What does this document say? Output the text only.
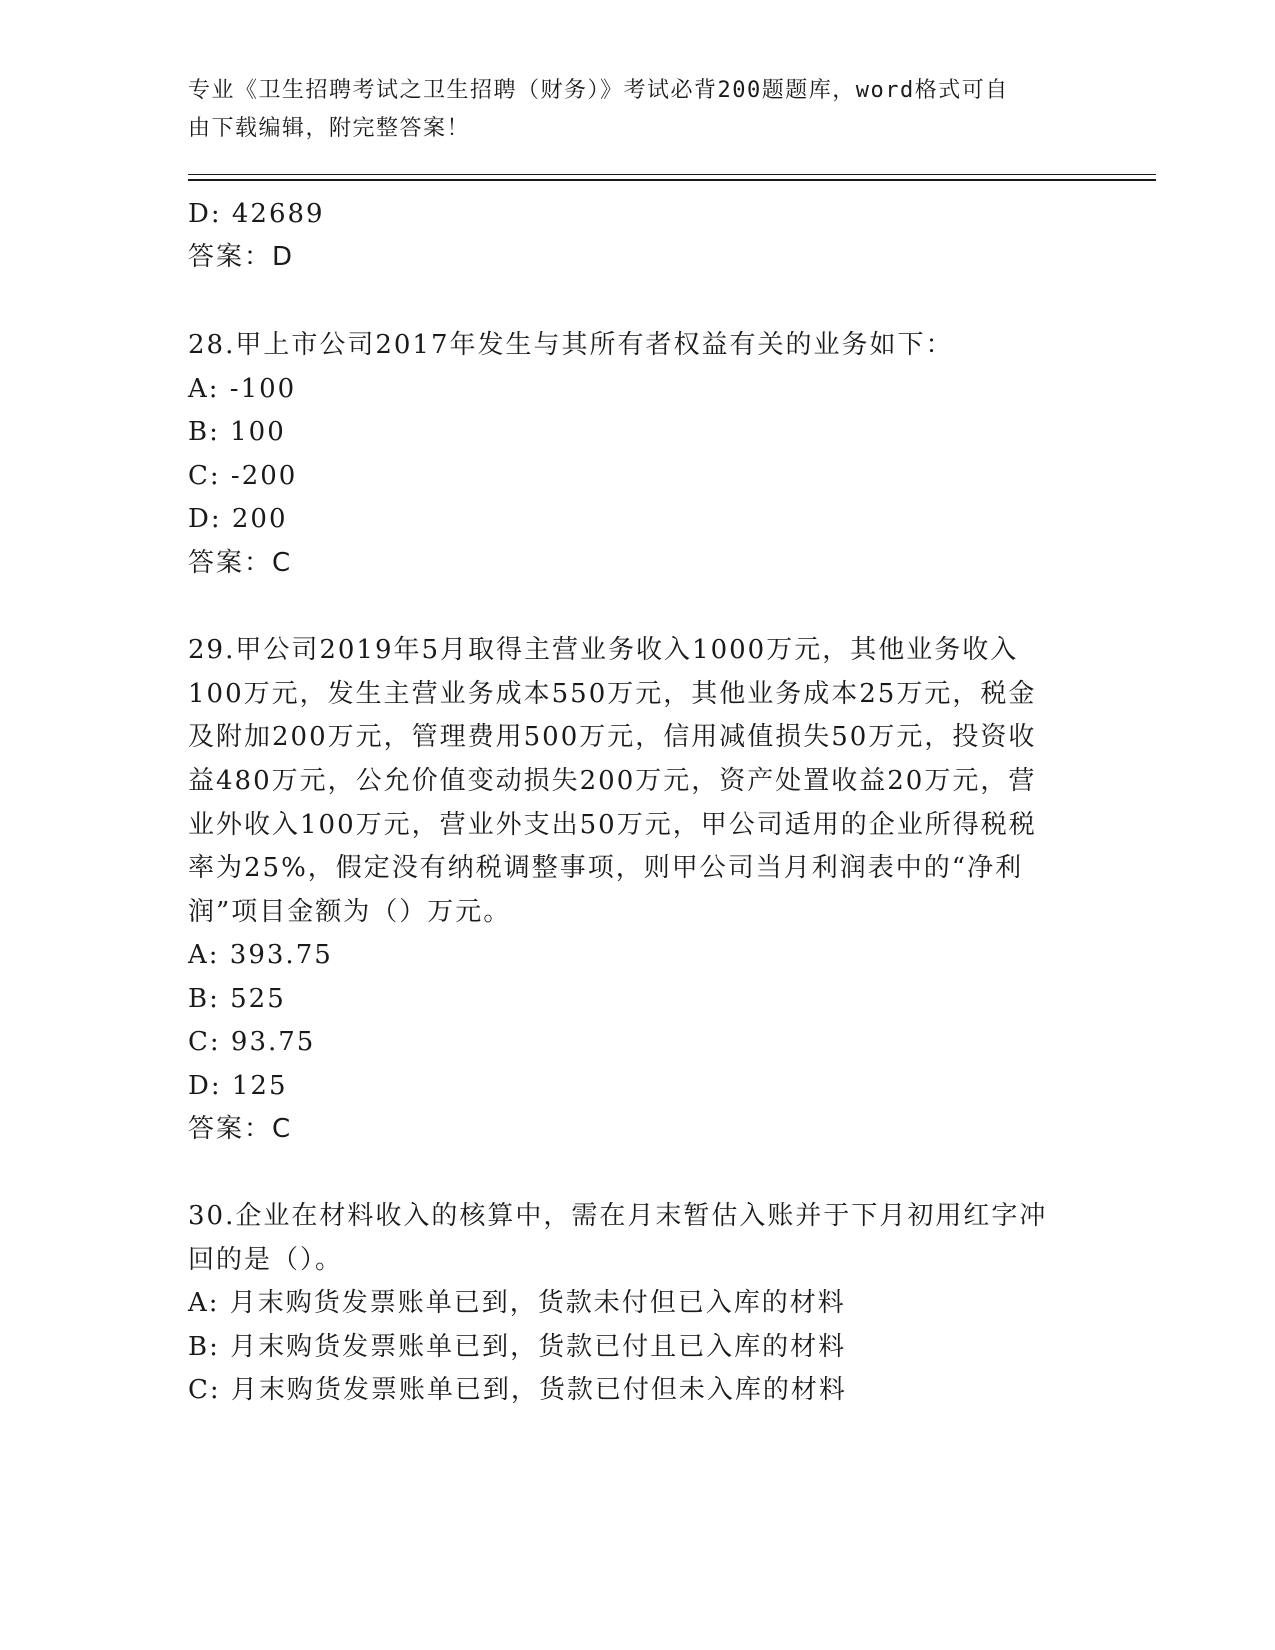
专业《卫生招聘考试之卫生招聘（财务）》考试必背200题题库，word格式可自
由下载编辑，附完整答案！
D: 42689
答案：D
28.甲上市公司2017年发生与其所有者权益有关的业务如下：
A: -100
B: 100
C: -200
D: 200
答案：C
29.甲公司2019年5月取得主营业务收入1000万元，其他业务收入
100万元，发生主营业务成本550万元，其他业务成本25万元，税金
及附加200万元，管理费用500万元，信用减值损失50万元，投资收
益480万元，公允价值变动损失200万元，资产处置收益20万元，营
业外收入100万元，营业外支出50万元，甲公司适用的企业所得税税
率为25%，假定没有纳税调整事项，则甲公司当月利润表中的“净利
润”项目金额为（）万元。
A: 393.75
B: 525
C: 93.75
D: 125
答案：C
30.企业在材料收入的核算中，需在月末暂估入账并于下月初用红字冲
回的是（）。
A: 月末购货发票账单已到，货款未付但已入库的材料
B: 月末购货发票账单已到，货款已付且已入库的材料
C: 月末购货发票账单已到，货款已付但未入库的材料
